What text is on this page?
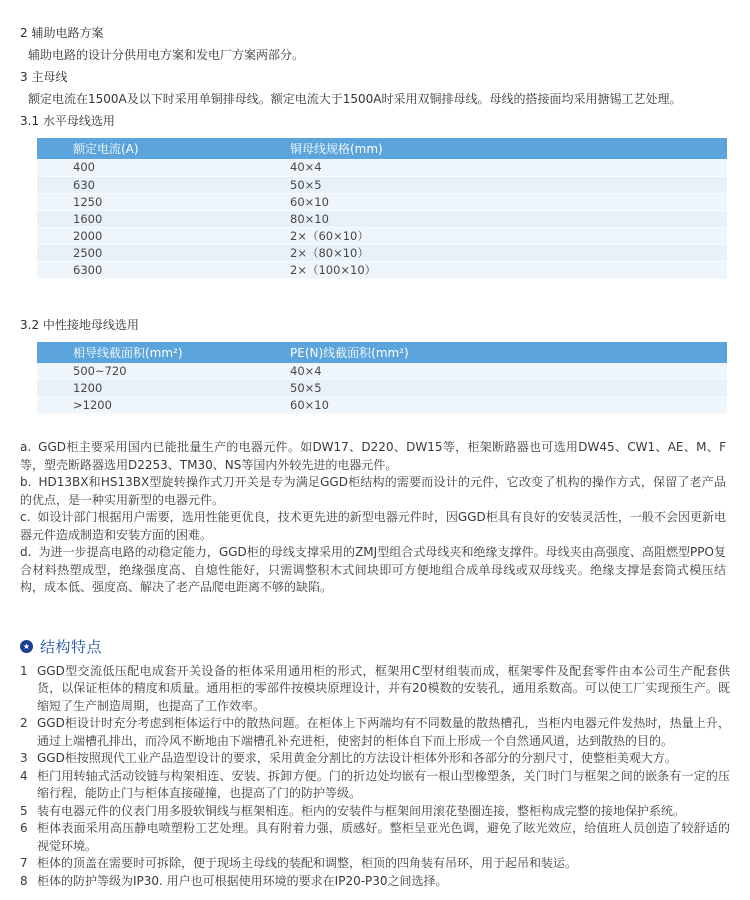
2 辅助电路方案

辅助电路的设计分供用电方案和发电厂方案两部分。

3 主母线

额定电流在1500A及以下时采用单铜排母线。额定电流大于1500A时采用双铜排母线。母线的搭接面均采用搪锡工艺处理。

3.1 水平母线选用

额定电流(A)	铜母线规格(mm)
400	40×4
630	50×5
1250	60×10
1600	80×10
2000	2×（60×10）
2500	2×（80×10）
6300	2×（100×10）

3.2 中性接地母线选用

相导线截面积(mm²)	PE(N)线截面积(mm²)
500~720	40×4
1200	50×5
>1200	60×10

a. GGD柜主要采用国内已能批量生产的电器元件。如DW17、D220、DW15等，柜架断路器也可选用DW45、CW1、AE、M、F等，塑壳断路器选用D2253、TM30、NS等国内外较先进的电器元件。

b. HD13BX和HS13BX型旋转操作式刀开关是专为满足GGD柜结构的需要而设计的元件，它改变了机构的操作方式，保留了老产品的优点，是一种实用新型的电器元件。

c. 如设计部门根据用户需要，选用性能更优良，技术更先进的新型电器元件时，因GGD柜具有良好的安装灵活性，一般不会因更新电器元件造成制造和安装方面的困难。

d. 为进一步提高电路的动稳定能力，GGD柜的母线支撑采用的ZMJ型组合式母线夹和绝缘支撑件。母线夹由高强度、高阻燃型PPO复合材料热塑成型，绝缘强度高、自熄性能好，只需调整积木式间块即可方便地组合成单母线或双母线夹。绝缘支撑是套筒式模压结构，成本低、强度高、解决了老产品爬电距离不够的缺陷。

★ 结构特点
1 GGD型交流低压配电成套开关设备的柜体采用通用柜的形式，框架用C型材组装而成，框架零件及配套零件由本公司生产配套供货，以保证柜体的精度和质量。通用柜的零部件按模块原理设计，并有20模数的安装孔，通用系数高。可以使工厂实现预生产。既缩短了生产制造周期，也提高了工作效率。
2 GGD柜设计时充分考虑到柜体运行中的散热问题。在柜体上下两端均有不同数量的散热槽孔，当柜内电器元件发热时，热量上升，通过上端槽孔排出，而冷风不断地由下端槽孔补充进柜，使密封的柜体自下而上形成一个自然通风道，达到散热的目的。
3 GGD柜按照现代工业产品造型设计的要求，采用黄金分割比的方法设计柜体外形和各部分的分割尺寸，使整柜美观大方。
4 柜门用转轴式活动铰链与构架相连、安装、拆卸方便。门的折边处均嵌有一根山型橡塑条，关门时门与框架之间的嵌条有一定的压缩行程，能防止门与柜体直接碰撞，也提高了门的防护等级。
5 装有电器元件的仪表门用多股软铜线与框架相连。柜内的安装件与框架间用滚花垫圈连接，整柜构成完整的接地保护系统。
6 柜体表面采用高压静电喷塑粉工艺处理。具有附着力强，质感好。整柜呈亚光色调，避免了眩光效应，给值班人员创造了较舒适的视觉环境。
7 柜体的顶盖在需要时可拆除，便于现场主母线的装配和调整，柜顶的四角装有吊环，用于起吊和装运。
8 柜体的防护等级为IP30. 用户也可根据使用环境的要求在IP20-P30之间选择。
